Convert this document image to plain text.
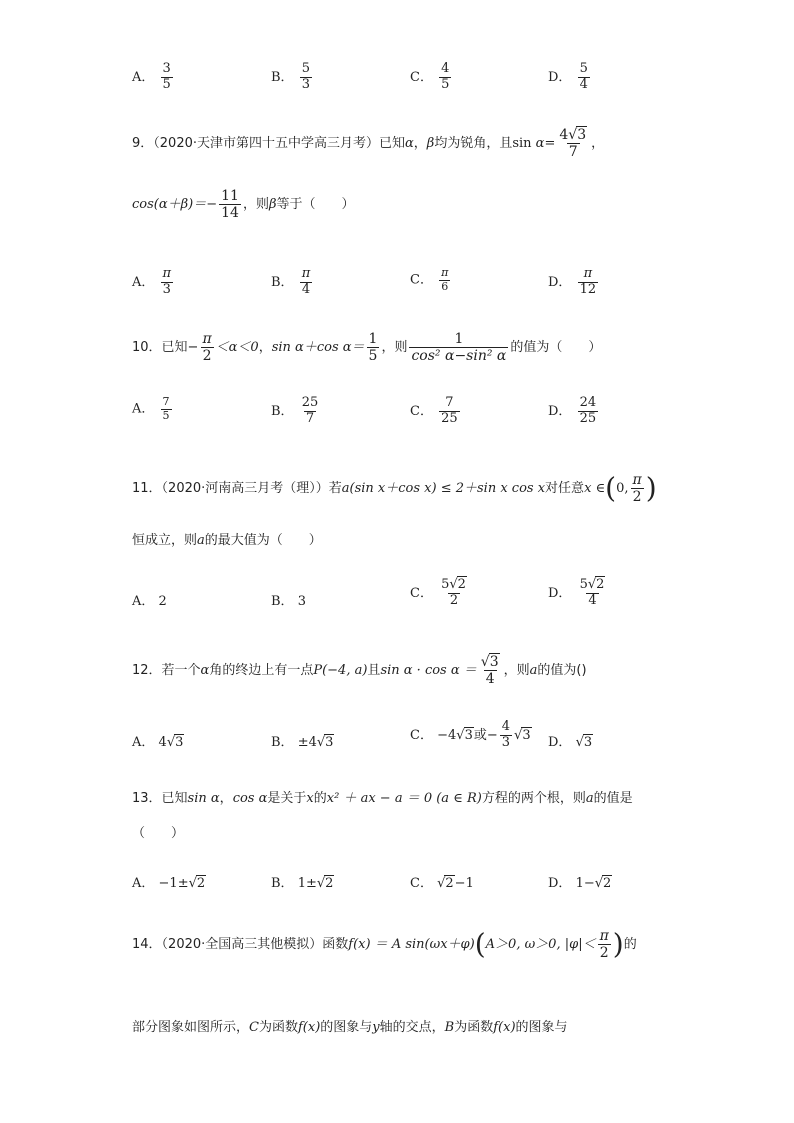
A． $\frac{3}{5}$	B． $\frac{5}{3}$	C． $\frac{4}{5}$	D． $\frac{5}{4}$
9．（2020·天津市第四十五中学高三月考）已知α，β均为锐角，且$\sin \alpha= \frac{4√3}{7}$ ，
$\cos(\alpha+\beta)=- \frac{11}{14}$ ，则β等于（　　）
A． $\frac{\pi}{3}$	B． $\frac{\pi}{4}$	C． $\frac{\pi}{6}$	D． $\frac{\pi}{12}$
10．已知− $\frac{\pi}{2} <\alpha<0$，sin α＋cos $\alpha= \frac{1}{5}$ ，则 $\frac{1}{\text{cos² α−sin² α}}$ 的值为（　　）
A． $\frac{7}{5}$	B． $\frac{25}{7}$	C． $\frac{7}{25}$	D． $\frac{24}{25}$
11．（2020·河南高三月考（理））若a(sin x＋cos x) ≤ 2＋sin x cos x对任意x ∈(0, $\frac{\pi}{2}$ )
恒成立，则a的最大值为（　　）
A． 2	B． 3
C． $\frac{5√2}{2}$	D． $\frac{5√2}{4}$
12．若一个α角的终边上有一点P(−4, a)且$\sin \alpha \cdot \cos \alpha = \frac{√3}{4}$ ，则a的值为()
A． 4√3	B． ±4√3	C． −4√3或− $\frac{4}{3} √3$ D． √3
13．已知sin α，cos α是关于x的x² ＋ ax − a ＝ 0 (a ∈ R)方程的两个根，则a的值是
（　　）
A． −1±√2	B． 1±√2	C． √2−1	D． 1−√2
14．（2020·全国高三其他模拟）函数f(x) ＝ A sin(ωx＋φ)(A＞0, ω＞0, $|\varphi|< \frac{\pi}{2}$ )的
部分图象如图所示，C为函数f(x)的图象与y轴的交点，B为函数f(x)的图象与
